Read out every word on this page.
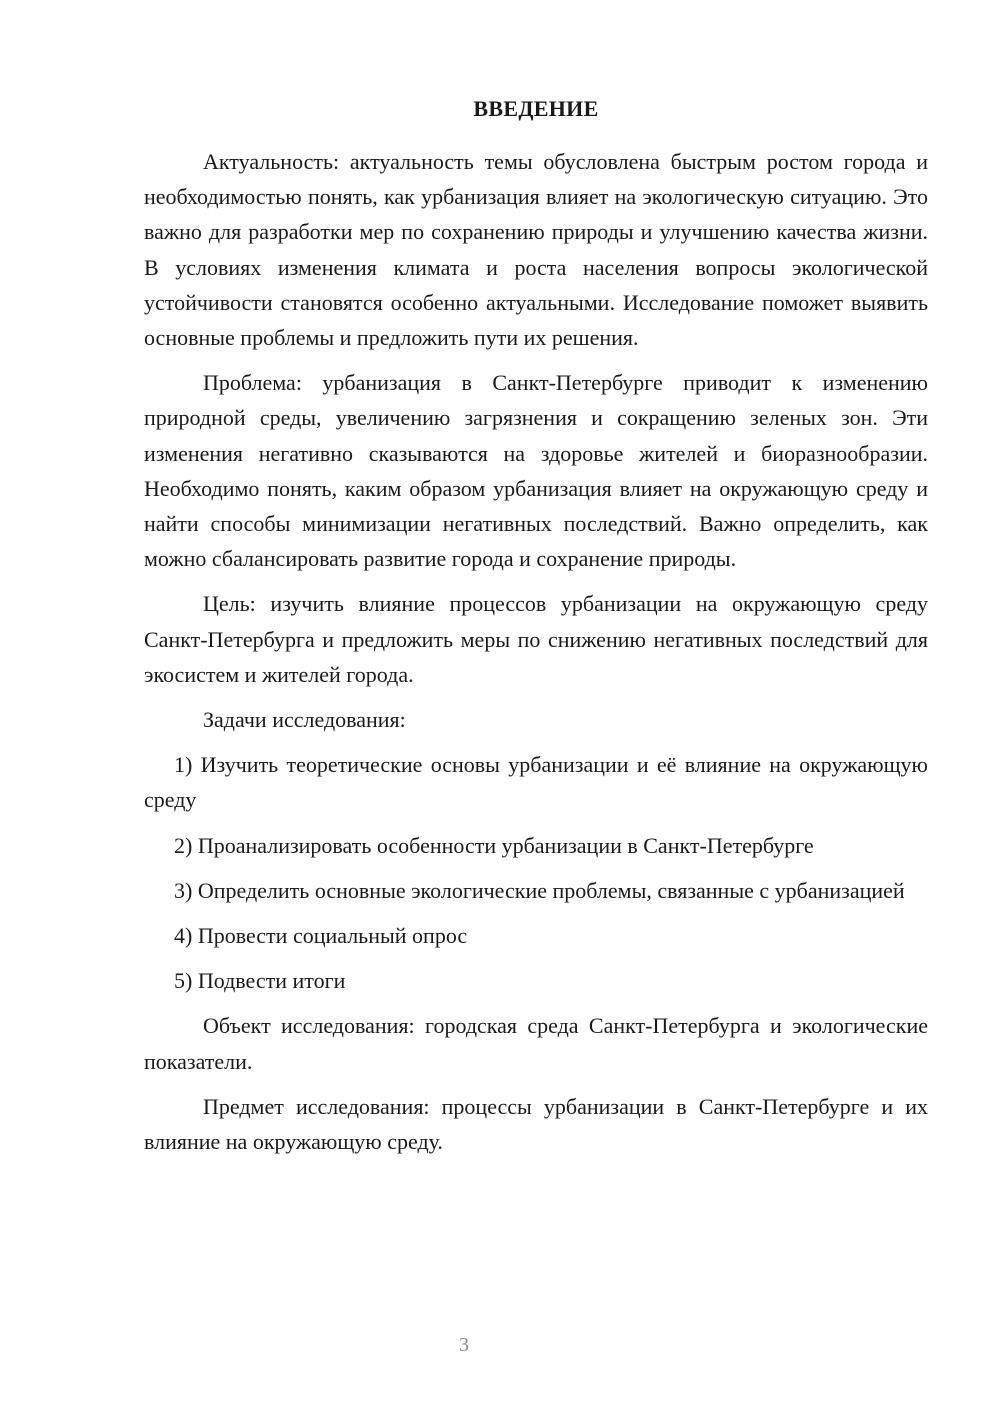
ВВЕДЕНИЕ

Актуальность: актуальность темы обусловлена быстрым ростом города и необходимостью понять, как урбанизация влияет на экологическую ситуацию. Это важно для разработки мер по сохранению природы и улучшению качества жизни. В условиях изменения климата и роста населения вопросы экологической устойчивости становятся особенно актуальными. Исследование поможет выявить основные проблемы и предложить пути их решения.

Проблема: урбанизация в Санкт-Петербурге приводит к изменению природной среды, увеличению загрязнения и сокращению зеленых зон. Эти изменения негативно сказываются на здоровье жителей и биоразнообразии. Необходимо понять, каким образом урбанизация влияет на окружающую среду и найти способы минимизации негативных последствий. Важно определить, как можно сбалансировать развитие города и сохранение природы.

Цель: изучить влияние процессов урбанизации на окружающую среду Санкт-Петербурга и предложить меры по снижению негативных последствий для экосистем и жителей города.

Задачи исследования:

1) Изучить теоретические основы урбанизации и её влияние на окружающую среду

2) Проанализировать особенности урбанизации в Санкт-Петербурге

3) Определить основные экологические проблемы, связанные с урбанизацией

4) Провести социальный опрос

5) Подвести итоги

Объект исследования: городская среда Санкт-Петербурга и экологические показатели.

Предмет исследования: процессы урбанизации в Санкт-Петербурге и их влияние на окружающую среду.

3
